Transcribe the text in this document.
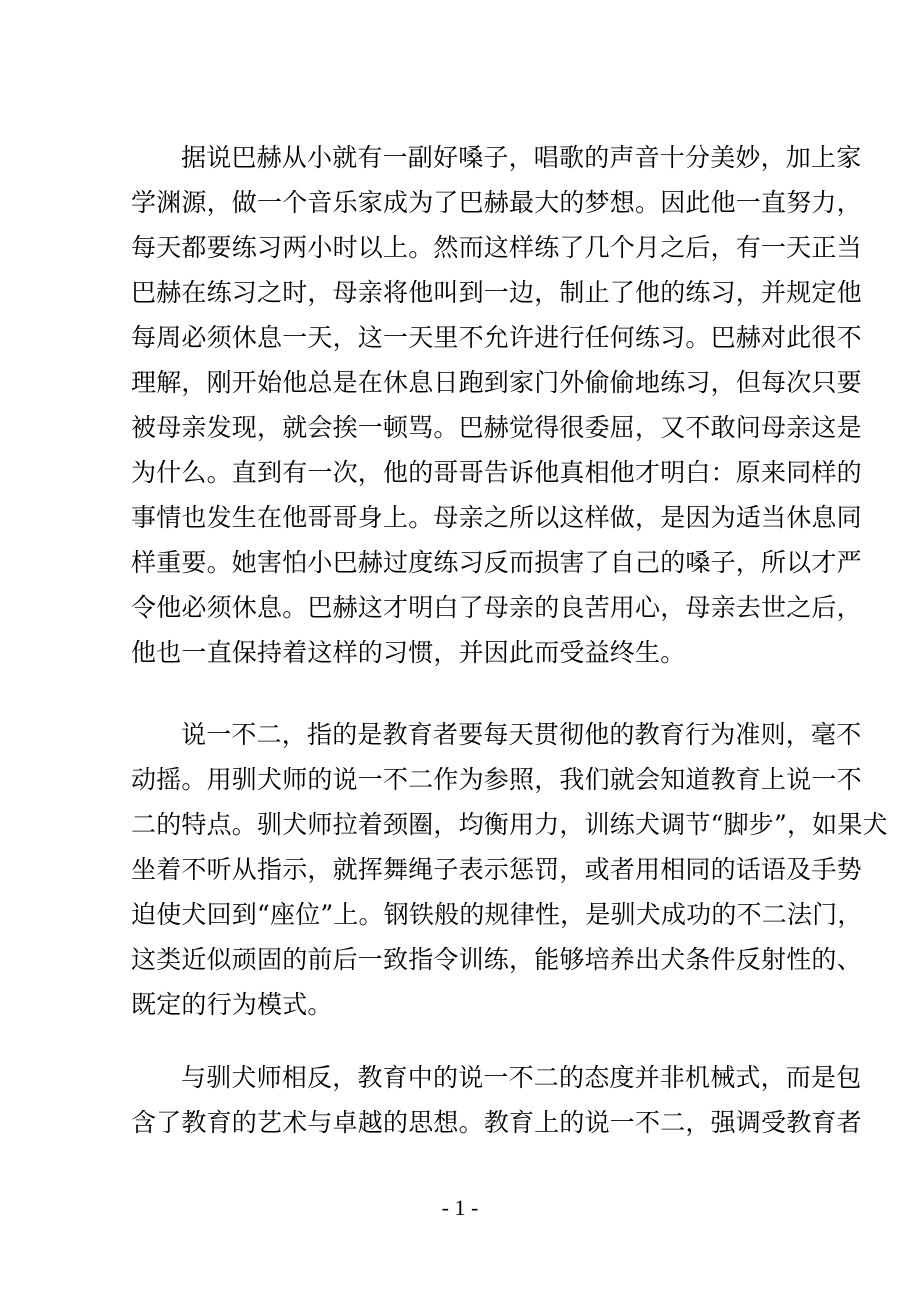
据说巴赫从小就有一副好嗓子，唱歌的声音十分美妙，加上家
学渊源，做一个音乐家成为了巴赫最大的梦想。因此他一直努力，
每天都要练习两小时以上。然而这样练了几个月之后，有一天正当
巴赫在练习之时，母亲将他叫到一边，制止了他的练习，并规定他
每周必须休息一天，这一天里不允许进行任何练习。巴赫对此很不
理解，刚开始他总是在休息日跑到家门外偷偷地练习，但每次只要
被母亲发现，就会挨一顿骂。巴赫觉得很委屈，又不敢问母亲这是
为什么。直到有一次，他的哥哥告诉他真相他才明白：原来同样的
事情也发生在他哥哥身上。母亲之所以这样做，是因为适当休息同
样重要。她害怕小巴赫过度练习反而损害了自己的嗓子，所以才严
令他必须休息。巴赫这才明白了母亲的良苦用心，母亲去世之后，
他也一直保持着这样的习惯，并因此而受益终生。
说一不二，指的是教育者要每天贯彻他的教育行为准则，毫不
动摇。用驯犬师的说一不二作为参照，我们就会知道教育上说一不
二的特点。驯犬师拉着颈圈，均衡用力，训练犬调节“脚步”，如果犬
坐着不听从指示，就挥舞绳子表示惩罚，或者用相同的话语及手势
迫使犬回到“座位”上。钢铁般的规律性，是驯犬成功的不二法门，
这类近似顽固的前后一致指令训练，能够培养出犬条件反射性的、
既定的行为模式。
与驯犬师相反，教育中的说一不二的态度并非机械式，而是包
含了教育的艺术与卓越的思想。教育上的说一不二，强调受教育者
- 1 -
